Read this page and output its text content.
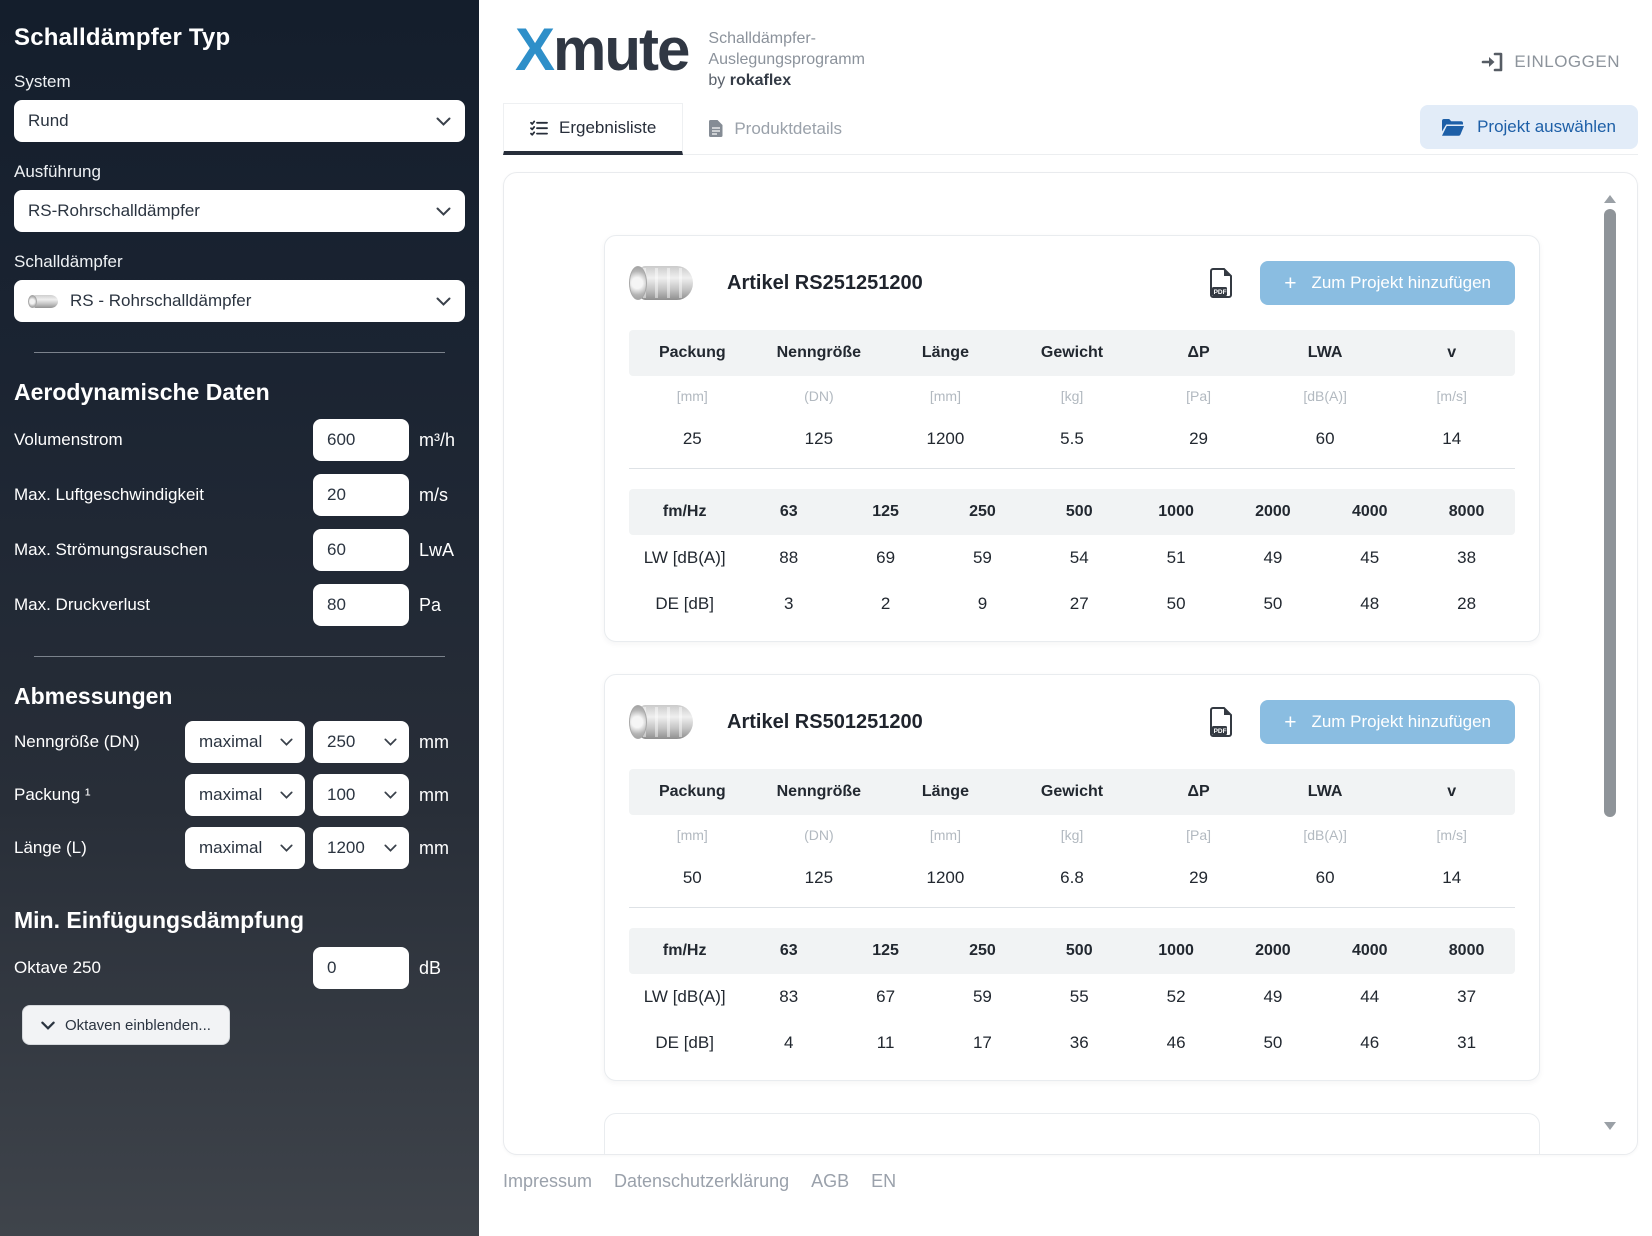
Schalldämpfer Typ
System
Rund
Ausführung
RS-Rohrschalldämpfer
Schalldämpfer
RS - Rohrschalldämpfer
Aerodynamische Daten
Volumenstrom
600	m³/h
Max. Luftgeschwindigkeit
20	m/s
Max. Strömungsrauschen
60	LwA
Max. Druckverlust
80	Pa
Abmessungen
Nenngröße (DN)	maximal	250	mm
Packung ¹	maximal	100	mm
Länge (L)	maximal	1200	mm
Min. Einfügungsdämpfung
Oktave 250
0	dB
Oktaven einblenden...
X mute Schalldämpfer-
Auslegungsprogramm
by rokaflex
EINLOGGEN
Ergebnisliste	Produktdetails	Projekt auswählen
Artikel RS251251200	PDF	+ Zum Projekt hinzufügen
Packung	Nenngröße	Länge	Gewicht	ΔP	LWA	v
[mm]	(DN)	[mm]	[kg]	[Pa]	[dB(A)]	[m/s]
25	125	1200	5.5	29	60	14
fm/Hz	63	125	250	500	1000	2000	4000	8000
LW [dB(A)]	88	69	59	54	51	49	45	38
DE [dB]	3	2	9	27	50	50	48	28
Artikel RS501251200	PDF	+ Zum Projekt hinzufügen
Packung	Nenngröße	Länge	Gewicht	ΔP	LWA	v
[mm]	(DN)	[mm]	[kg]	[Pa]	[dB(A)]	[m/s]
50	125	1200	6.8	29	60	14
fm/Hz	63	125	250	500	1000	2000	4000	8000
LW [dB(A)]	83	67	59	55	52	49	44	37
DE [dB]	4	11	17	36	46	50	46	31
Impressum Datenschutzerklärung AGB EN
